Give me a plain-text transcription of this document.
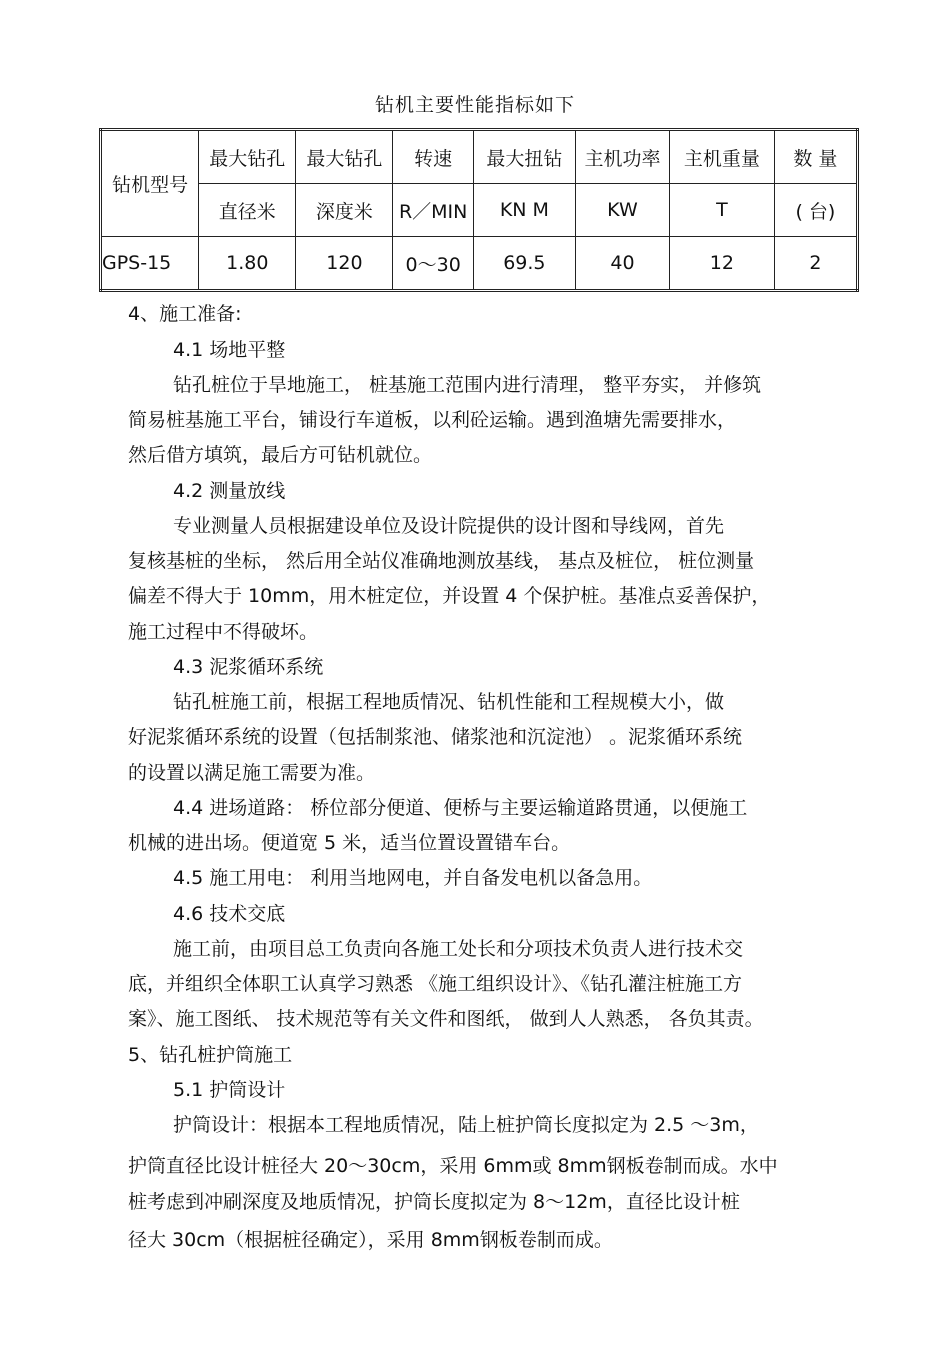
钻机主要性能指标如下
钻机型号	最大钻孔	最大钻孔	转速	最大扭钻	主机功率	主机重量	数 量
	直径米	深度米	R／MIN	KN M	KW	T	( 台)
GPS-15	1.80	120	0～30	69.5	40	12	2
4、施工准备:
4.1 场地平整
钻孔桩位于旱地施工， 桩基施工范围内进行清理， 整平夯实， 并修筑
简易桩基施工平台，铺设行车道板，以利砼运输。遇到渔塘先需要排水，
然后借方填筑，最后方可钻机就位。
4.2 测量放线
专业测量人员根据建设单位及设计院提供的设计图和导线网，首先
复核基桩的坐标， 然后用全站仪准确地测放基线， 基点及桩位， 桩位测量
偏差不得大于 10mm，用木桩定位，并设置 4 个保护桩。基准点妥善保护，
施工过程中不得破坏。
4.3 泥浆循环系统
钻孔桩施工前，根据工程地质情况、钻机性能和工程规模大小，做
好泥浆循环系统的设置（包括制浆池、储浆池和沉淀池） 。泥浆循环系统
的设置以满足施工需要为准。
4.4 进场道路： 桥位部分便道、便桥与主要运输道路贯通，以便施工
机械的进出场。便道宽 5 米，适当位置设置错车台。
4.5 施工用电： 利用当地网电，并自备发电机以备急用。
4.6 技术交底
施工前，由项目总工负责向各施工处长和分项技术负责人进行技术交
底，并组织全体职工认真学习熟悉 《施工组织设计》、《钻孔灌注桩施工方
案》、施工图纸、 技术规范等有关文件和图纸， 做到人人熟悉， 各负其责。
5、钻孔桩护筒施工
5.1 护筒设计
护筒设计：根据本工程地质情况，陆上桩护筒长度拟定为 2.5 ～3m，
护筒直径比设计桩径大 20～30cm，采用 6mm或 8mm钢板卷制而成。水中
桩考虑到冲刷深度及地质情况，护筒长度拟定为 8～12m，直径比设计桩
径大 30cm（根据桩径确定），采用 8mm钢板卷制而成。
